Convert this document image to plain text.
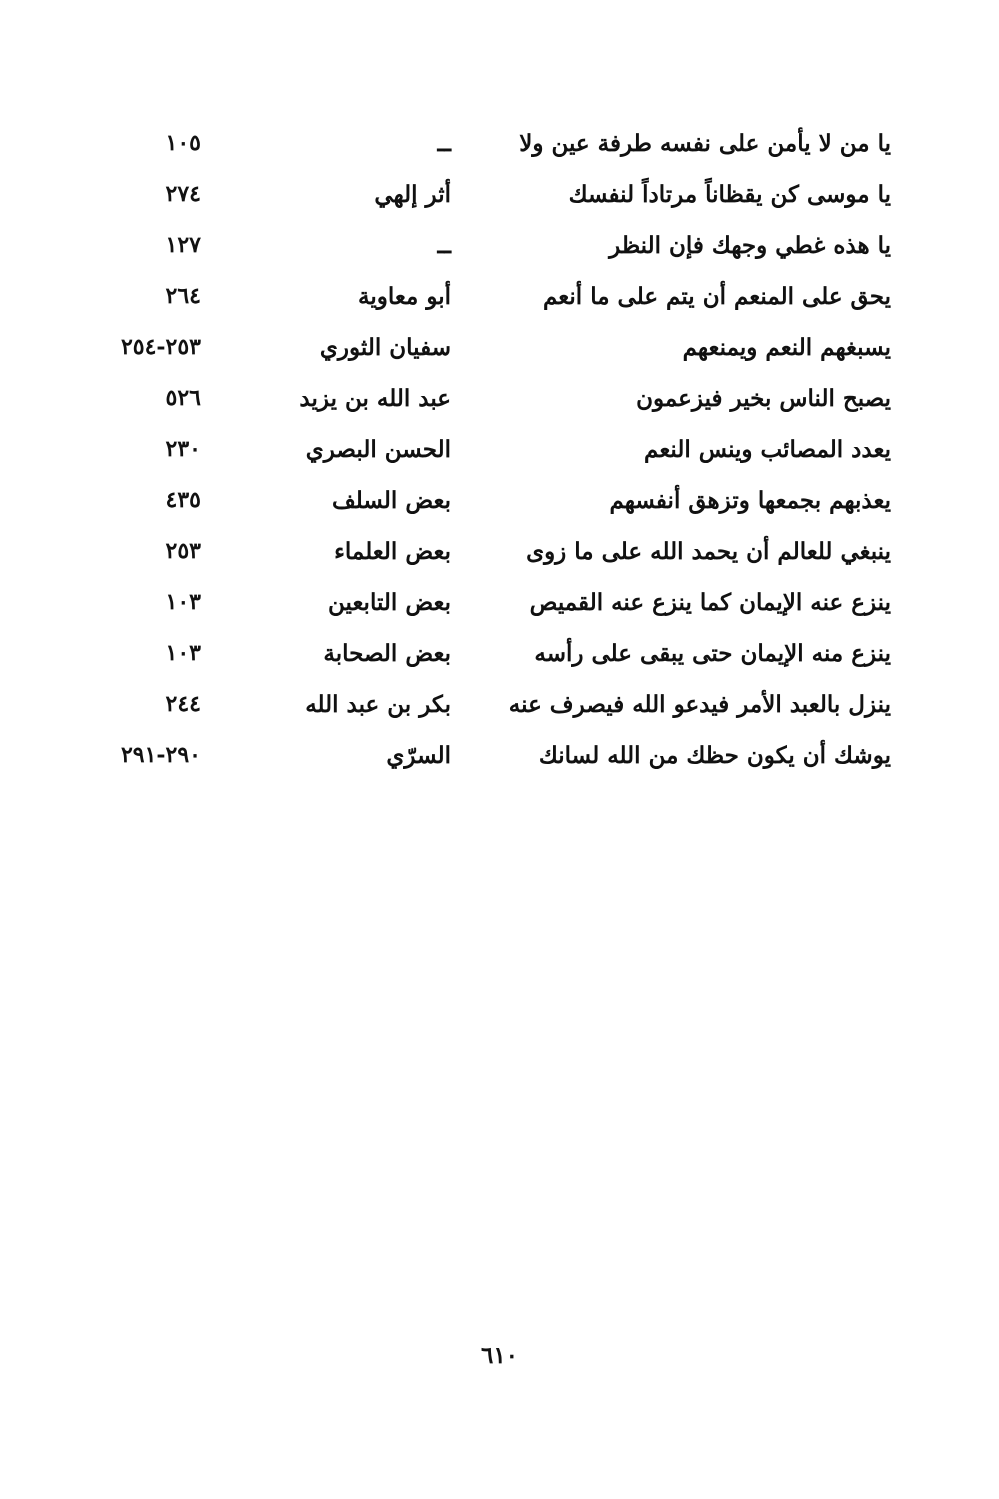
يا من لا يأمن على نفسه طرفة عين ولا
ــ
١٠٥
يا موسى كن يقظاناً مرتاداً لنفسك
أثر إلهي
٢٧٤
يا هذه غطي وجهك فإن النظر
ــ
١٢٧
يحق على المنعم أن يتم على ما أنعم
أبو معاوية
٢٦٤
يسبغهم النعم ويمنعهم
سفيان الثوري
٢٥٣-٢٥٤
يصبح الناس بخير فيزعمون
عبد الله بن يزيد
٥٢٦
يعدد المصائب وينس النعم
الحسن البصري
٢٣٠
يعذبهم بجمعها وتزهق أنفسهم
بعض السلف
٤٣٥
ينبغي للعالم أن يحمد الله على ما زوى
بعض العلماء
٢٥٣
ينزع عنه الإيمان كما ينزع عنه القميص
بعض التابعين
١٠٣
ينزع منه الإيمان حتى يبقى على رأسه
بعض الصحابة
١٠٣
ينزل بالعبد الأمر فيدعو الله فيصرف عنه
بكر بن عبد الله
٢٤٤
يوشك أن يكون حظك من الله لسانك
السرّي
٢٩٠-٢٩١
٦١٠
